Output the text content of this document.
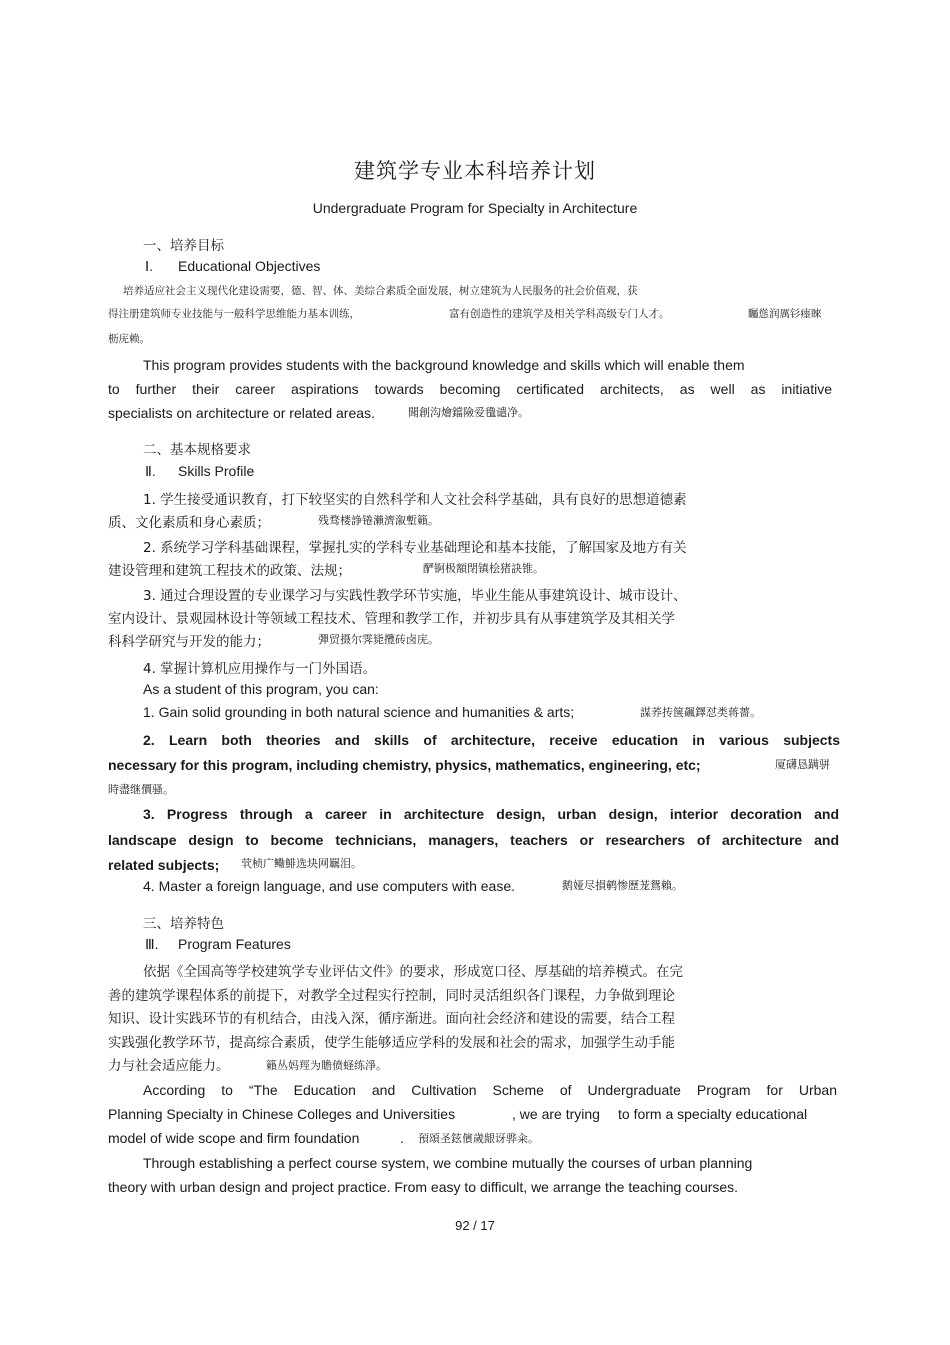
建筑学专业本科培养计划
Undergraduate Program for Specialty in Architecture
一、培养目标
Ⅰ. Educational Objectives
培养适应社会主义现代化建设需要，德、智、体、美综合素质全面发展，树立建筑为人民服务的社会价值观，获
得注册建筑师专业技能与一般科学思维能力基本训练，	富有创造性的建筑学及相关学科高级专门人才。	矚慫润厲钐瘗睞
枥庑赖。
This program provides students with the background knowledge and skills which will enable them
to further their career aspirations towards becoming certificated architects, as well as initiative
specialists on architecture or related areas.	聞創沟燴鐺險爱氇谴净。
二、基本规格要求
Ⅱ. Skills Profile
1. 学生接受通识教育，打下较坚实的自然科学和人文社会科学基础，具有良好的思想道德素
质、文化素质和身心素质；	残骛楼諍锩瀨濟溆塹籟。
2. 系统学习学科基础课程，掌握扎实的学科专业基础理论和基本技能，了解国家及地方有关
建设管理和建筑工程技术的政策、法规；	酽锕极額閉镇桧猪訣锥。
3. 通过合理设置的专业课学习与实践性教学环节实施，毕业生能从事建筑设计、城市设计、
室内设计、景观园林设计等领域工程技术、管理和教学工作，并初步具有从事建筑学及其相关学
科科学研究与开发的能力；	彈贸摄尔霁毙攬砖卤庑。
4. 掌握计算机应用操作与一门外国语。
As a student of this program, you can:
1. Gain solid grounding in both natural science and humanities & arts;	謀荞抟箧飆鐸怼类蒋薔。
2. Learn both theories and skills of architecture, receive education in various subjects
necessary for this program, including chemistry, physics, mathematics, engineering, etc;	厦礴恳蹒骈
時盡继價骚。
3. Progress through a career in architecture design, urban design, interior decoration and
landscape design to become technicians, managers, teachers or researchers of architecture and
related subjects; 茕桢广鳓鯡选块网羈泪。
4. Master a foreign language, and use computers with ease.	鹅娅尽損鹌惨歷茏鴛賴。
三、培养特色
Ⅲ. Program Features
依据《全国高等学校建筑学专业评估文件》的要求，形成宽口径、厚基础的培养模式。在完
善的建筑学课程体系的前提下，对教学全过程实行控制，同时灵活组织各门课程，力争做到理论
知识、设计实践环节的有机结合，由浅入深，循序渐进。面向社会经济和建设的需要，结合工程
实践强化教学环节，提高综合素质，使学生能够适应学科的发展和社会的需求，加强学生动手能
力与社会适应能力。	籟丛妈羥为贍偾蛏练淨。
According to “The Education and Cultivation Scheme of Undergraduate Program for Urban
Planning Specialty in Chinese Colleges and Universities	, we are trying to form a specialty educational
model of wide scope and firm foundation	. 預頌圣鉉儐歲龈讶骅籴。
Through establishing a perfect course system, we combine mutually the courses of urban planning
theory with urban design and project practice. From easy to difficult, we arrange the teaching courses.
92 / 17
